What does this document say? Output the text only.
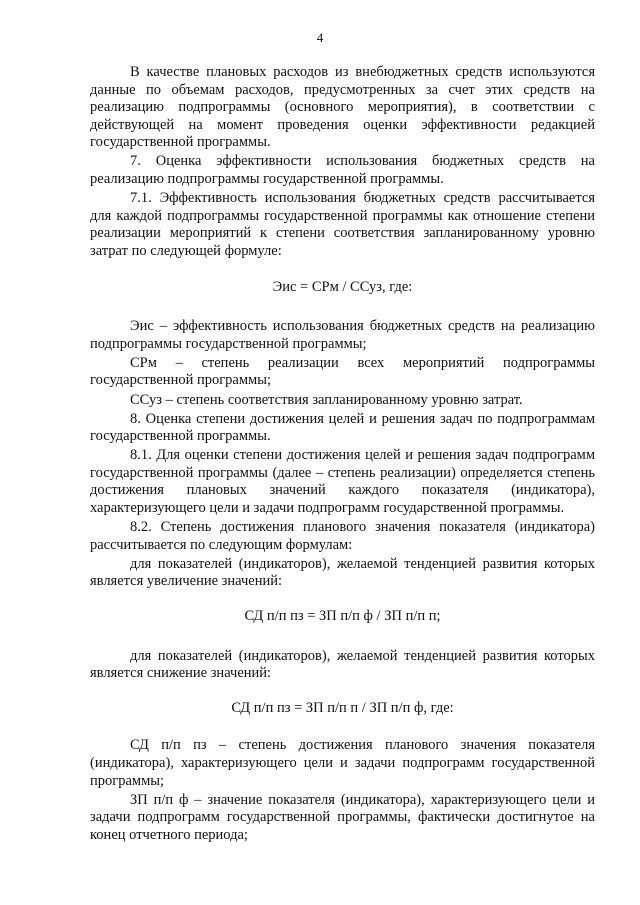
4

В качестве плановых расходов из внебюджетных средств используются данные по объемам расходов, предусмотренных за счет этих средств на реализацию подпрограммы (основного мероприятия), в соответствии с действующей на момент проведения оценки эффективности редакцией государственной программы.

7. Оценка эффективности использования бюджетных средств на реализацию подпрограммы государственной программы.

7.1. Эффективность использования бюджетных средств рассчитывается для каждой подпрограммы государственной программы как отношение степени реализации мероприятий к степени соответствия запланированному уровню затрат по следующей формуле:

Эис = СРм / ССуз, где:

Эис – эффективность использования бюджетных средств на реализацию подпрограммы государственной программы;

СРм – степень реализации всех мероприятий подпрограммы государственной программы;

ССуз – степень соответствия запланированному уровню затрат.

8. Оценка степени достижения целей и решения задач по подпрограммам государственной программы.

8.1. Для оценки степени достижения целей и решения задач подпрограмм государственной программы (далее – степень реализации) определяется степень достижения плановых значений каждого показателя (индикатора), характеризующего цели и задачи подпрограмм государственной программы.

8.2. Степень достижения планового значения показателя (индикатора) рассчитывается по следующим формулам:

для показателей (индикаторов), желаемой тенденцией развития которых является увеличение значений:

СД п/п пз = ЗП п/п ф / ЗП п/п п;

для показателей (индикаторов), желаемой тенденцией развития которых является снижение значений:

СД п/п пз = ЗП п/п п / ЗП п/п ф, где:

СД п/п пз – степень достижения планового значения показателя (индикатора), характеризующего цели и задачи подпрограмм государственной программы;

ЗП п/п ф – значение показателя (индикатора), характеризующего цели и задачи подпрограмм государственной программы, фактически достигнутое на конец отчетного периода;
